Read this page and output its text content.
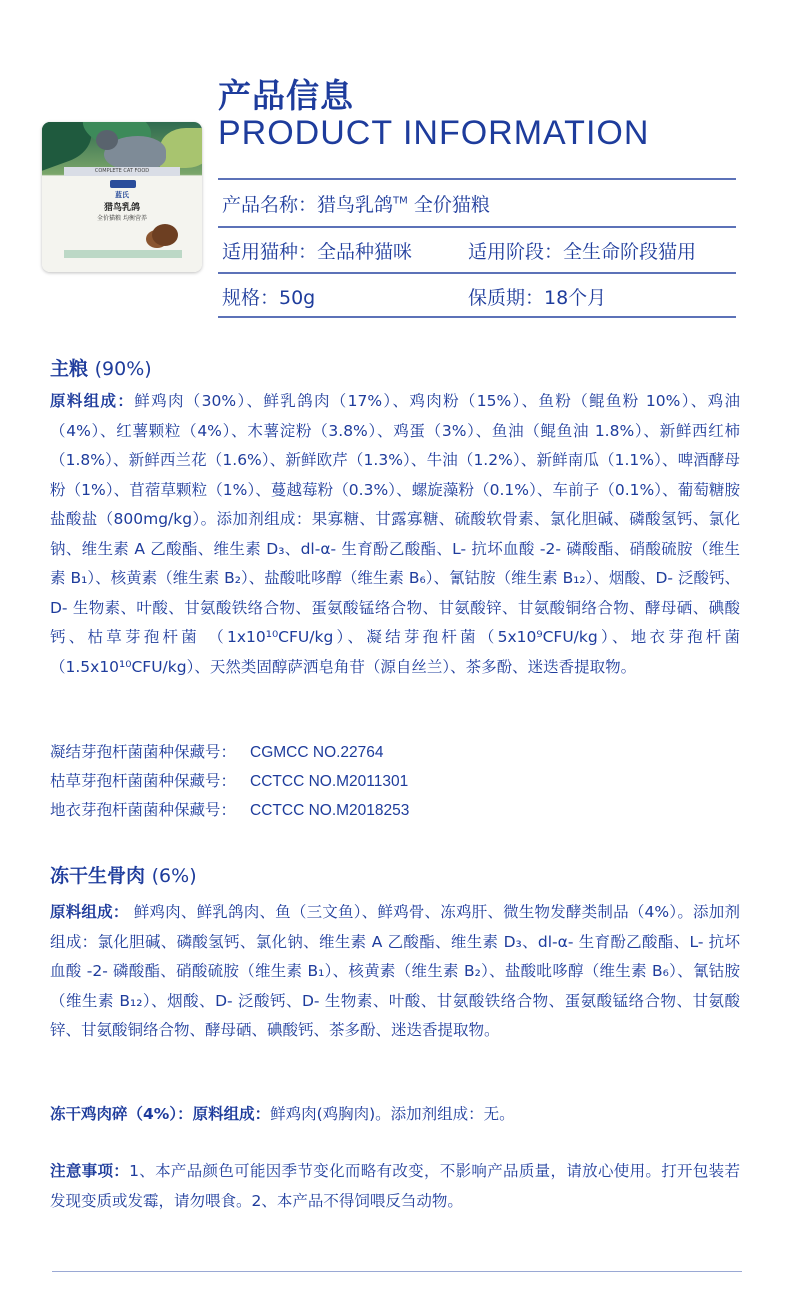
COMPLETE CAT FOOD
蓝氏
猎鸟乳鸽
全价猫粮 均衡营养
产品信息
PRODUCT INFORMATION
产品名称：猎鸟乳鸽™ 全价猫粮
适用猫种：全品种猫咪	适用阶段：全生命阶段猫用
规格：50g	保质期：18个月
主粮 (90%)
原料组成：鲜鸡肉（30%）、鲜乳鸽肉（17%）、鸡肉粉（15%）、鱼粉（鲲鱼粉 10%）、鸡油（4%）、红薯颗粒（4%）、木薯淀粉（3.8%）、鸡蛋（3%）、鱼油（鲲鱼油 1.8%）、新鲜西红柿（1.8%）、新鲜西兰花（1.6%）、新鲜欧芹（1.3%）、牛油（1.2%）、新鲜南瓜（1.1%）、啤酒酵母粉（1%）、苜蓿草颗粒（1%）、蔓越莓粉（0.3%）、螺旋藻粉（0.1%）、车前子（0.1%）、葡萄糖胺盐酸盐（800mg/kg）。添加剂组成：果寡糖、甘露寡糖、硫酸软骨素、氯化胆碱、磷酸氢钙、氯化钠、维生素 A 乙酸酯、维生素 D₃、dl-α- 生育酚乙酸酯、L- 抗坏血酸 -2- 磷酸酯、硝酸硫胺（维生素 B₁）、核黄素（维生素 B₂）、盐酸吡哆醇（维生素 B₆）、氰钴胺（维生素 B₁₂）、烟酸、D- 泛酸钙、D- 生物素、叶酸、甘氨酸铁络合物、蛋氨酸锰络合物、甘氨酸锌、甘氨酸铜络合物、酵母硒、碘酸钙、枯草芽孢杆菌 （1x10¹⁰CFU/kg）、凝结芽孢杆菌（5x10⁹CFU/kg）、地衣芽孢杆菌（1.5x10¹⁰CFU/kg）、天然类固醇萨洒皂角苷（源自丝兰）、茶多酚、迷迭香提取物。
凝结芽孢杆菌菌种保藏号： CGMCC NO.22764
枯草芽孢杆菌菌种保藏号： CCTCC NO.M2011301
地衣芽孢杆菌菌种保藏号： CCTCC NO.M2018253
冻干生骨肉 (6%)
原料组成： 鲜鸡肉、鲜乳鸽肉、鱼（三文鱼）、鲜鸡骨、冻鸡肝、微生物发酵类制品（4%）。添加剂组成：氯化胆碱、磷酸氢钙、氯化钠、维生素 A 乙酸酯、维生素 D₃、dl-α- 生育酚乙酸酯、L- 抗坏血酸 -2- 磷酸酯、硝酸硫胺（维生素 B₁）、核黄素（维生素 B₂）、盐酸吡哆醇（维生素 B₆）、氰钴胺（维生素 B₁₂）、烟酸、D- 泛酸钙、D- 生物素、叶酸、甘氨酸铁络合物、蛋氨酸锰络合物、甘氨酸锌、甘氨酸铜络合物、酵母硒、碘酸钙、茶多酚、迷迭香提取物。
冻干鸡肉碎（4%）：原料组成：鲜鸡肉(鸡胸肉)。添加剂组成：无。
注意事项：1、本产品颜色可能因季节变化而略有改变，不影响产品质量，请放心使用。打开包装若发现变质或发霉，请勿喂食。2、本产品不得饲喂反刍动物。
